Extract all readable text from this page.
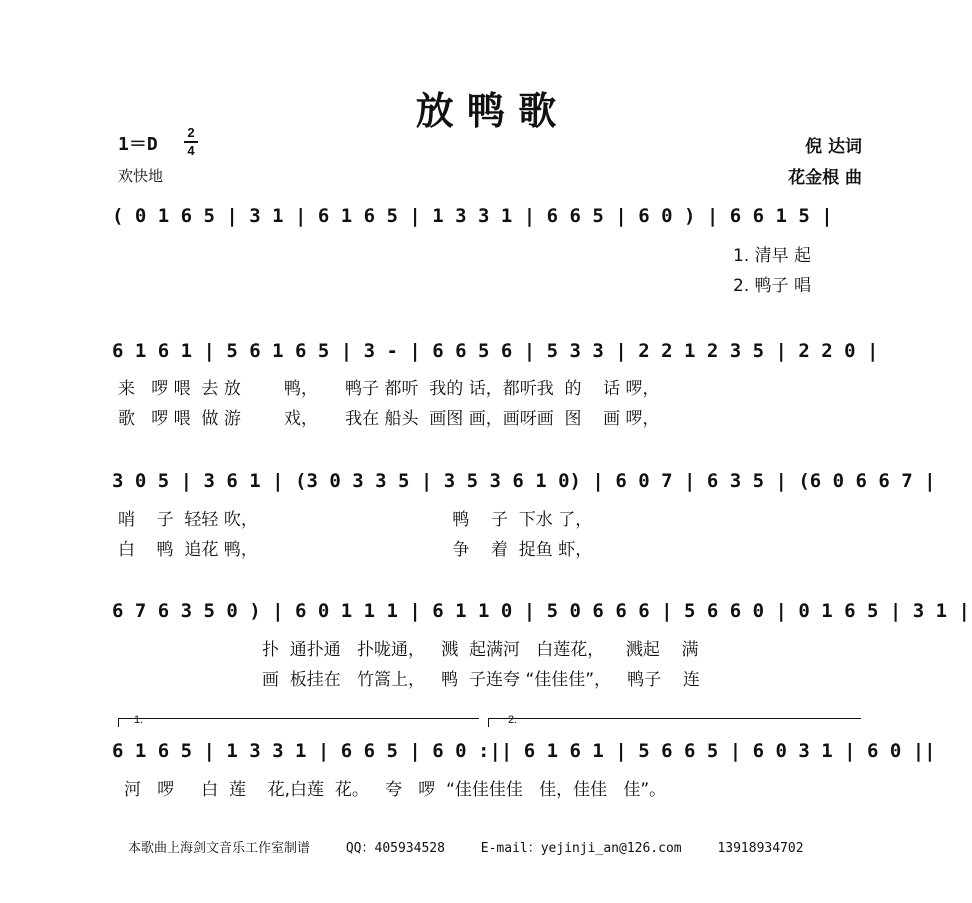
放 鸭 歌
1＝D
2
4
欢快地
倪 达词
花金根 曲
( 0 1 6 5 | 3 1 | 6 1 6 5 | 1 3 3 1 | 6 6 5 | 6 0 ) | 6 6 1 5 |
1. 清早 起
2. 鸭子 唱
6 1 6 1 | 5 6 1 6 5 | 3 - | 6 6 5 6 | 5 3 3 | 2 2 1 2 3 5 | 2 2 0 |
来   啰 喂  去 放        鸭，     鸭子 都听  我的 话，都听我  的    话 啰，
歌   啰 喂  做 游        戏，     我在 船头  画图 画，画呀画  图    画 啰，
3 0 5 | 3 6 1 | (3 0 3 3 5 | 3 5 3 6 1 0) | 6 0 7 | 6 3 5 | (6 0 6 6 7 |
哨    子  轻轻 吹，                                    鸭    子  下水 了，
白    鸭  追花 鸭，                                    争    着  捉鱼 虾，
6 7 6 3 5 0 ) | 6 0 1 1 1 | 6 1 1 0 | 5 0 6 6 6 | 5 6 6 0 | 0 1 6 5 | 3 1 |
扑  通扑通   扑咙通，   溅  起满河   白莲花，    溅起    满
画  板挂在   竹篙上，   鸭  子连夸 “佳佳佳”，   鸭子    连
1.	2.
6 1 6 5 | 1 3 3 1 | 6 6 5 | 6 0 :|| 6 1 6 1 | 5 6 6 5 | 6 0 3 1 | 6 0 ||
河   啰     白  莲    花,白莲  花。   夸   啰  “佳佳佳佳   佳，佳佳   佳”。
本歌曲上海剑文音乐工作室制谱	QQ：405934528	E-mail：yejinji_an@126.com	13918934702
